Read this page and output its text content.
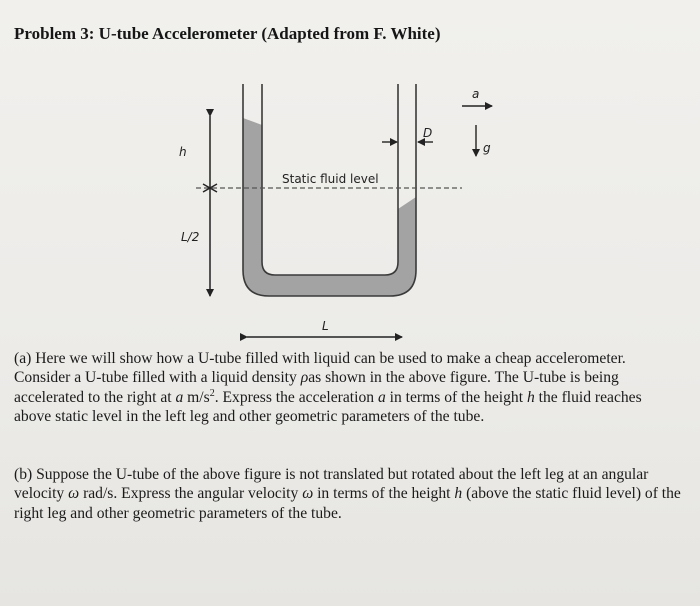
Problem 3: U-tube Accelerometer (Adapted from F. White)
a
g
D
h
Static fluid level
L/2
L

(a) Here we will show how a U-tube filled with liquid can be used to make a cheap accelerometer. Consider a U-tube filled with a liquid density ρas shown in the above figure. The U-tube is being accelerated to the right at a $m/s^2$. Express the acceleration a in terms of the height h the fluid reaches above static level in the left leg and other geometric parameters of the tube.

(b) Suppose the U-tube of the above figure is not translated but rotated about the left leg at an angular velocity ω rad/s. Express the angular velocity ω in terms of the height h (above the static fluid level) of the right leg and other geometric parameters of the tube.
